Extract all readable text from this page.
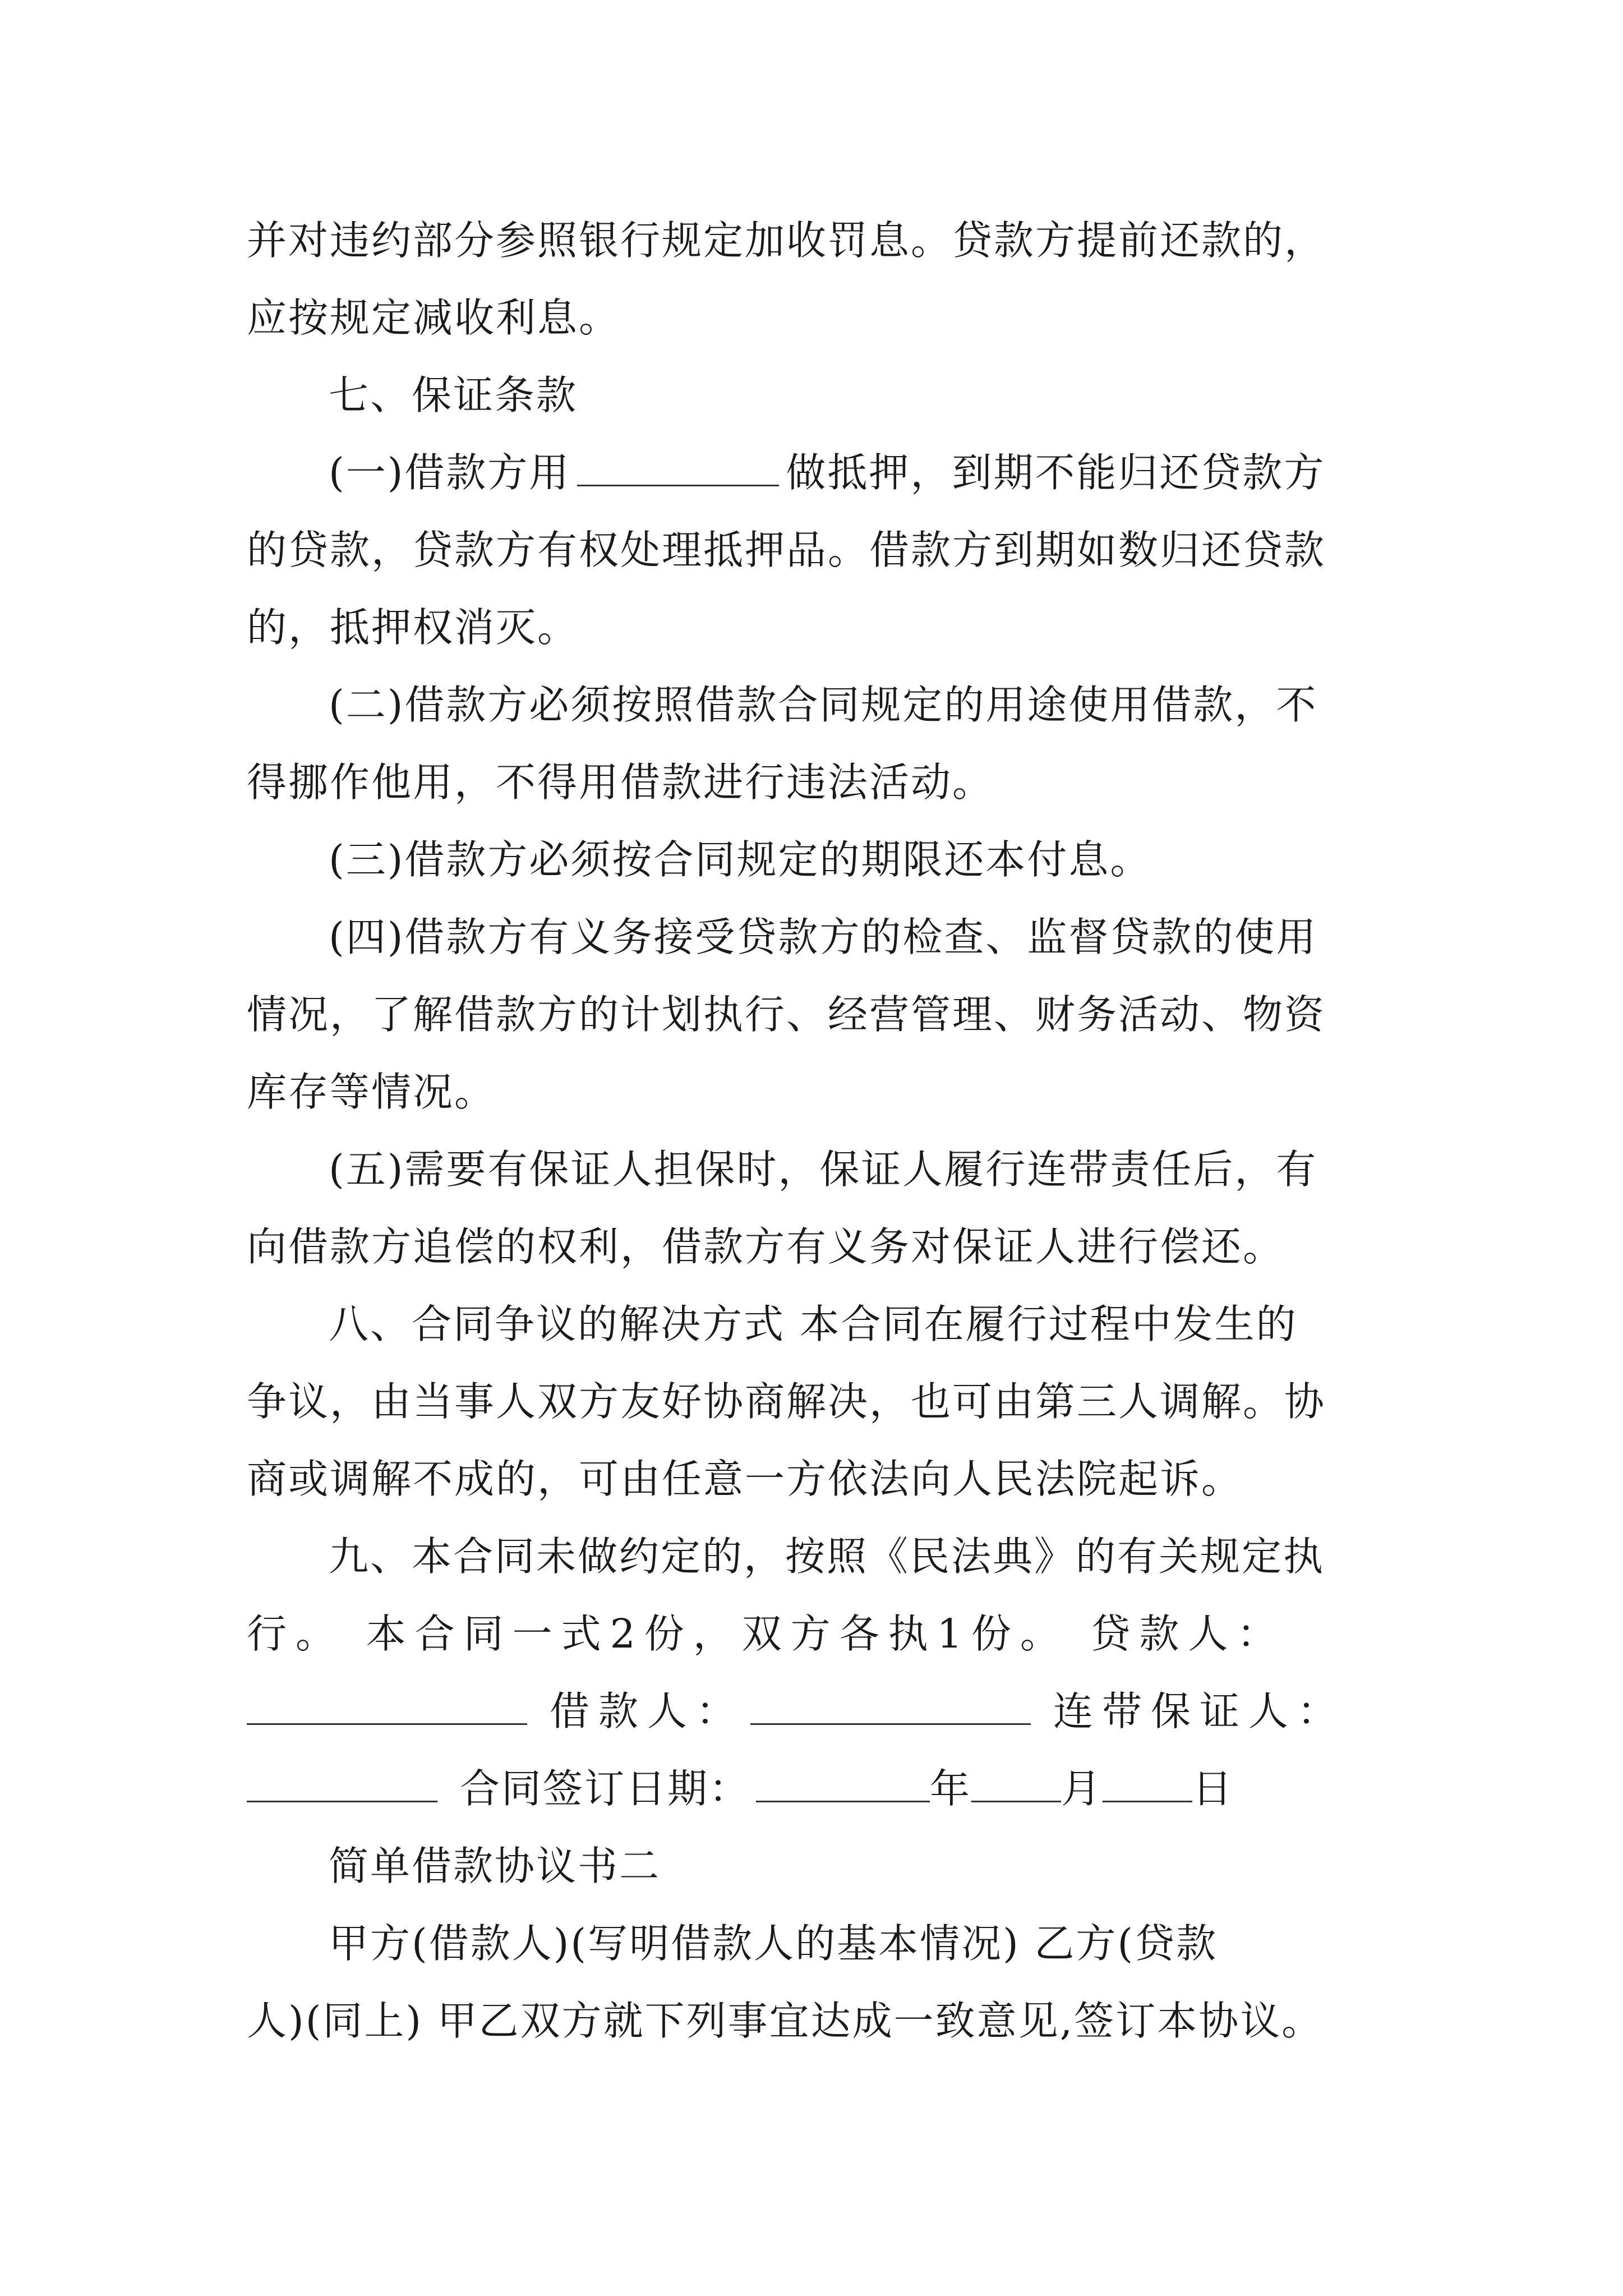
并对违约部分参照银行规定加收罚息。贷款方提前还款的，
应按规定减收利息。
七、保证条款
(一)借款方用	做抵押，到期不能归还贷款方
的贷款，贷款方有权处理抵押品。借款方到期如数归还贷款
的，抵押权消灭。
(二)借款方必须按照借款合同规定的用途使用借款，不
得挪作他用，不得用借款进行违法活动。
(三)借款方必须按合同规定的期限还本付息。
(四)借款方有义务接受贷款方的检查、监督贷款的使用
情况，了解借款方的计划执行、经营管理、财务活动、物资
库存等情况。
(五)需要有保证人担保时，保证人履行连带责任后，有
向借款方追偿的权利，借款方有义务对保证人进行偿还。
八、合同争议的解决方式 本合同在履行过程中发生的
争议，由当事人双方友好协商解决，也可由第三人调解。协
商或调解不成的，可由任意一方依法向人民法院起诉。
九、本合同未做约定的，按照《民法典》的有关规定执
行。 本合同一式2份，双方各执1份。 贷款人：
借款人：	连带保证人：
合同签订日期：	年 月 日
简单借款协议书二
甲方(借款人)(写明借款人的基本情况) 乙方(贷款
人)(同上) 甲乙双方就下列事宜达成一致意见,签订本协议。
